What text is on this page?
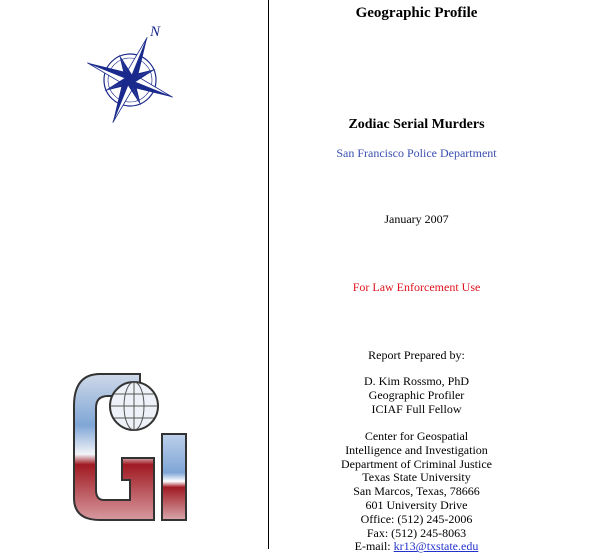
N
Geographic Profile
Zodiac Serial Murders
San Francisco Police Department
January 2007
For Law Enforcement Use
Report Prepared by:
D. Kim Rossmo, PhD
Geographic Profiler
ICIAF Full Fellow
Center for Geospatial
Intelligence and Investigation
Department of Criminal Justice
Texas State University
San Marcos, Texas, 78666
601 University Drive
Office: (512) 245-2006
Fax: (512) 245-8063
E-mail: kr13@txstate.edu
